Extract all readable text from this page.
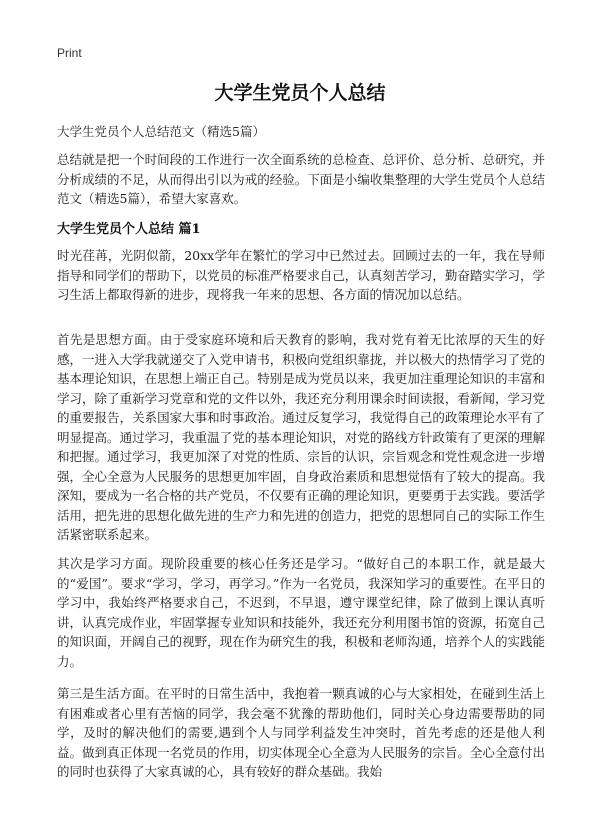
Print
大学生党员个人总结

大学生党员个人总结范文（精选5篇）

总结就是把一个时间段的工作进行一次全面系统的总检查、总评价、总分析、总研究，并分析成绩的不足，从而得出引以为戒的经验。下面是小编收集整理的大学生党员个人总结范文（精选5篇），希望大家喜欢。

大学生党员个人总结 篇1

时光荏苒，光阴似箭，20xx学年在繁忙的学习中已然过去。回顾过去的一年，我在导师指导和同学们的帮助下，以党员的标准严格要求自己，认真刻苦学习，勤奋踏实学习，学习生活上都取得新的进步，现将我一年来的思想、各方面的情况加以总结。

首先是思想方面。由于受家庭环境和后天教育的影响，我对党有着无比浓厚的天生的好感，一进入大学我就递交了入党申请书，积极向党组织靠拢，并以极大的热情学习了党的基本理论知识，在思想上端正自己。特别是成为党员以来，我更加注重理论知识的丰富和学习，除了重新学习党章和党的文件以外，我还充分利用课余时间读报，看新闻，学习党的重要报告，关系国家大事和时事政治。通过反复学习，我觉得自己的政策理论水平有了明显提高。通过学习，我重温了党的基本理论知识，对党的路线方针政策有了更深的理解和把握。通过学习，我更加深了对党的性质、宗旨的认识，宗旨观念和党性观念进一步增强，全心全意为人民服务的思想更加牢固，自身政治素质和思想觉悟有了较大的提高。我深知，要成为一名合格的共产党员，不仅要有正确的理论知识，更要勇于去实践。要活学活用，把先进的思想化做先进的生产力和先进的创造力，把党的思想同自己的实际工作生活紧密联系起来。

其次是学习方面。现阶段重要的核心任务还是学习。“做好自己的本职工作，就是最大的“爱国”。要求“学习，学习，再学习。”作为一名党员，我深知学习的重要性。在平日的学习中，我始终严格要求自己，不迟到，不早退，遵守课堂纪律，除了做到上课认真听讲，认真完成作业，牢固掌握专业知识和技能外，我还充分利用图书馆的资源，拓宽自己的知识面，开阔自己的视野，现在作为研究生的我，积极和老师沟通，培养个人的实践能力。

第三是生活方面。在平时的日常生活中，我抱着一颗真诚的心与大家相处，在碰到生活上有困难或者心里有苦恼的同学，我会毫不犹豫的帮助他们，同时关心身边需要帮助的同学，及时的解决他们的需要,遇到个人与同学利益发生冲突时，首先考虑的还是他人利益。做到真正体现一名党员的作用，切实体现全心全意为人民服务的宗旨。全心全意付出的同时也获得了大家真诚的心，具有较好的群众基础。我始
